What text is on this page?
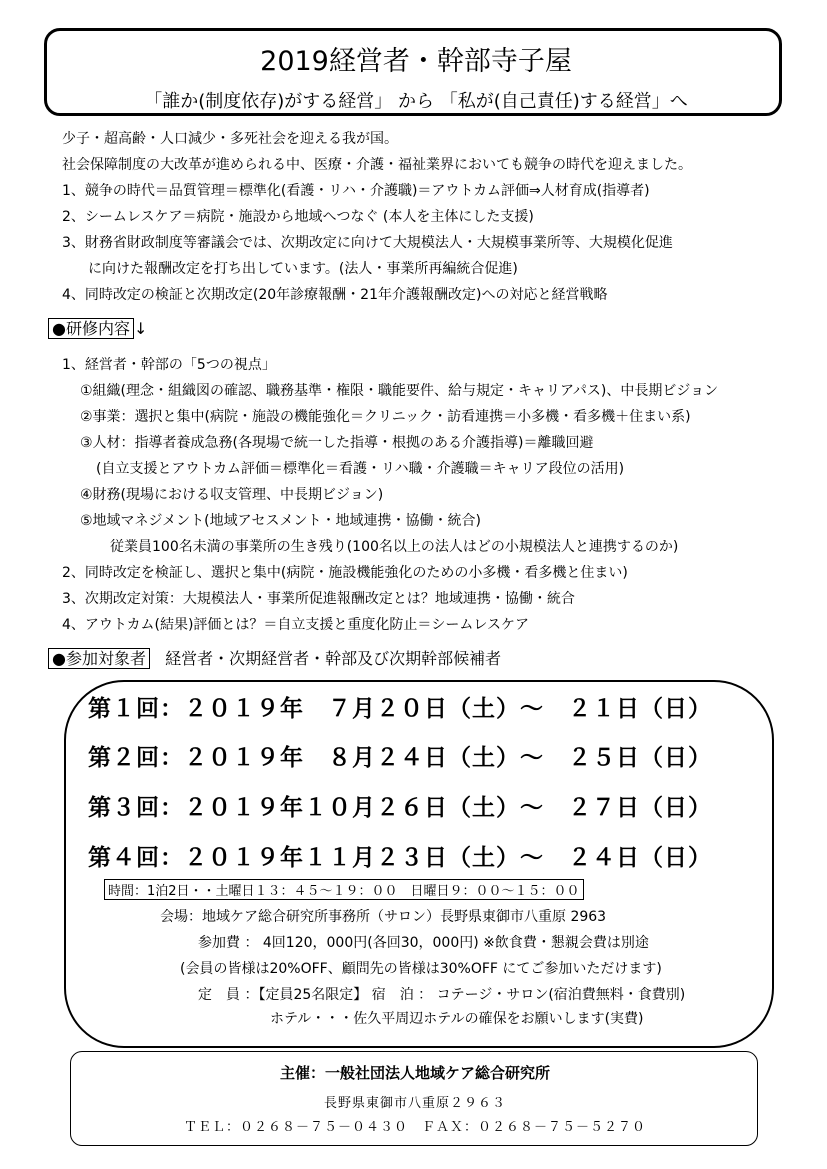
2019経営者・幹部寺子屋
「誰か(制度依存)がする経営」 から 「私が(自己責任)する経営」へ
少子・超高齢・人口減少・多死社会を迎える我が国。
社会保障制度の大改革が進められる中、医療・介護・福祉業界においても競争の時代を迎えました。
1、競争の時代＝品質管理＝標準化(看護・リハ・介護職)＝アウトカム評価⇒人材育成(指導者)
2、シームレスケア＝病院・施設から地域へつなぐ (本人を主体にした支援)
3、財務省財政制度等審議会では、次期改定に向けて大規模法人・大規模事業所等、大規模化促進
に向けた報酬改定を打ち出しています。(法人・事業所再編統合促進)
4、同時改定の検証と次期改定(20年診療報酬・21年介護報酬改定)への対応と経営戦略
●研修内容 ↓
1、経営者・幹部の「5つの視点」
①組織(理念・組織図の確認、職務基準・権限・職能要件、給与規定・キャリアパス)、中長期ビジョン
②事業：選択と集中(病院・施設の機能強化＝クリニック・訪看連携＝小多機・看多機＋住まい系)
③人材：指導者養成急務(各現場で統一した指導・根拠のある介護指導)＝離職回避
(自立支援とアウトカム評価＝標準化＝看護・リハ職・介護職＝キャリア段位の活用)
④財務(現場における収支管理、中長期ビジョン)
⑤地域マネジメント(地域アセスメント・地域連携・協働・統合)
従業員100名未満の事業所の生き残り(100名以上の法人はどの小規模法人と連携するのか)
2、同時改定を検証し、選択と集中(病院・施設機能強化のための小多機・看多機と住まい)
3、次期改定対策：大規模法人・事業所促進報酬改定とは？地域連携・協働・統合
4、アウトカム(結果)評価とは？＝自立支援と重度化防止＝シームレスケア
●参加対象者 経営者・次期経営者・幹部及び次期幹部候補者
第１回：２０１９年　７月２０日（土）～　２１日（日）
第２回：２０１９年　８月２４日（土）～　２５日（日）
第３回：２０１９年１０月２６日（土）～　２７日（日）
第４回：２０１９年１１月２３日（土）～　２４日（日）
時間：1泊2日・・土曜日１３：４５～１９：００　日曜日９：００～１５：００
会場：地域ケア総合研究所事務所（サロン）長野県東御市八重原 2963
参加費 ： 4回120，000円(各回30，000円) ※飲食費・懇親会費は別途
(会員の皆様は20%OFF、顧問先の皆様は30%OFF にてご参加いただけます)
定　員 ：【定員25名限定】 宿　泊 ： コテージ・サロン(宿泊費無料・食費別)
ホテル・・・佐久平周辺ホテルの確保をお願いします(実費)
主催：一般社団法人地域ケア総合研究所
長野県東御市八重原２９６３
ＴＥＬ：０２６８－７５－０４３０　ＦＡＸ：０２６８－７５－５２７０
